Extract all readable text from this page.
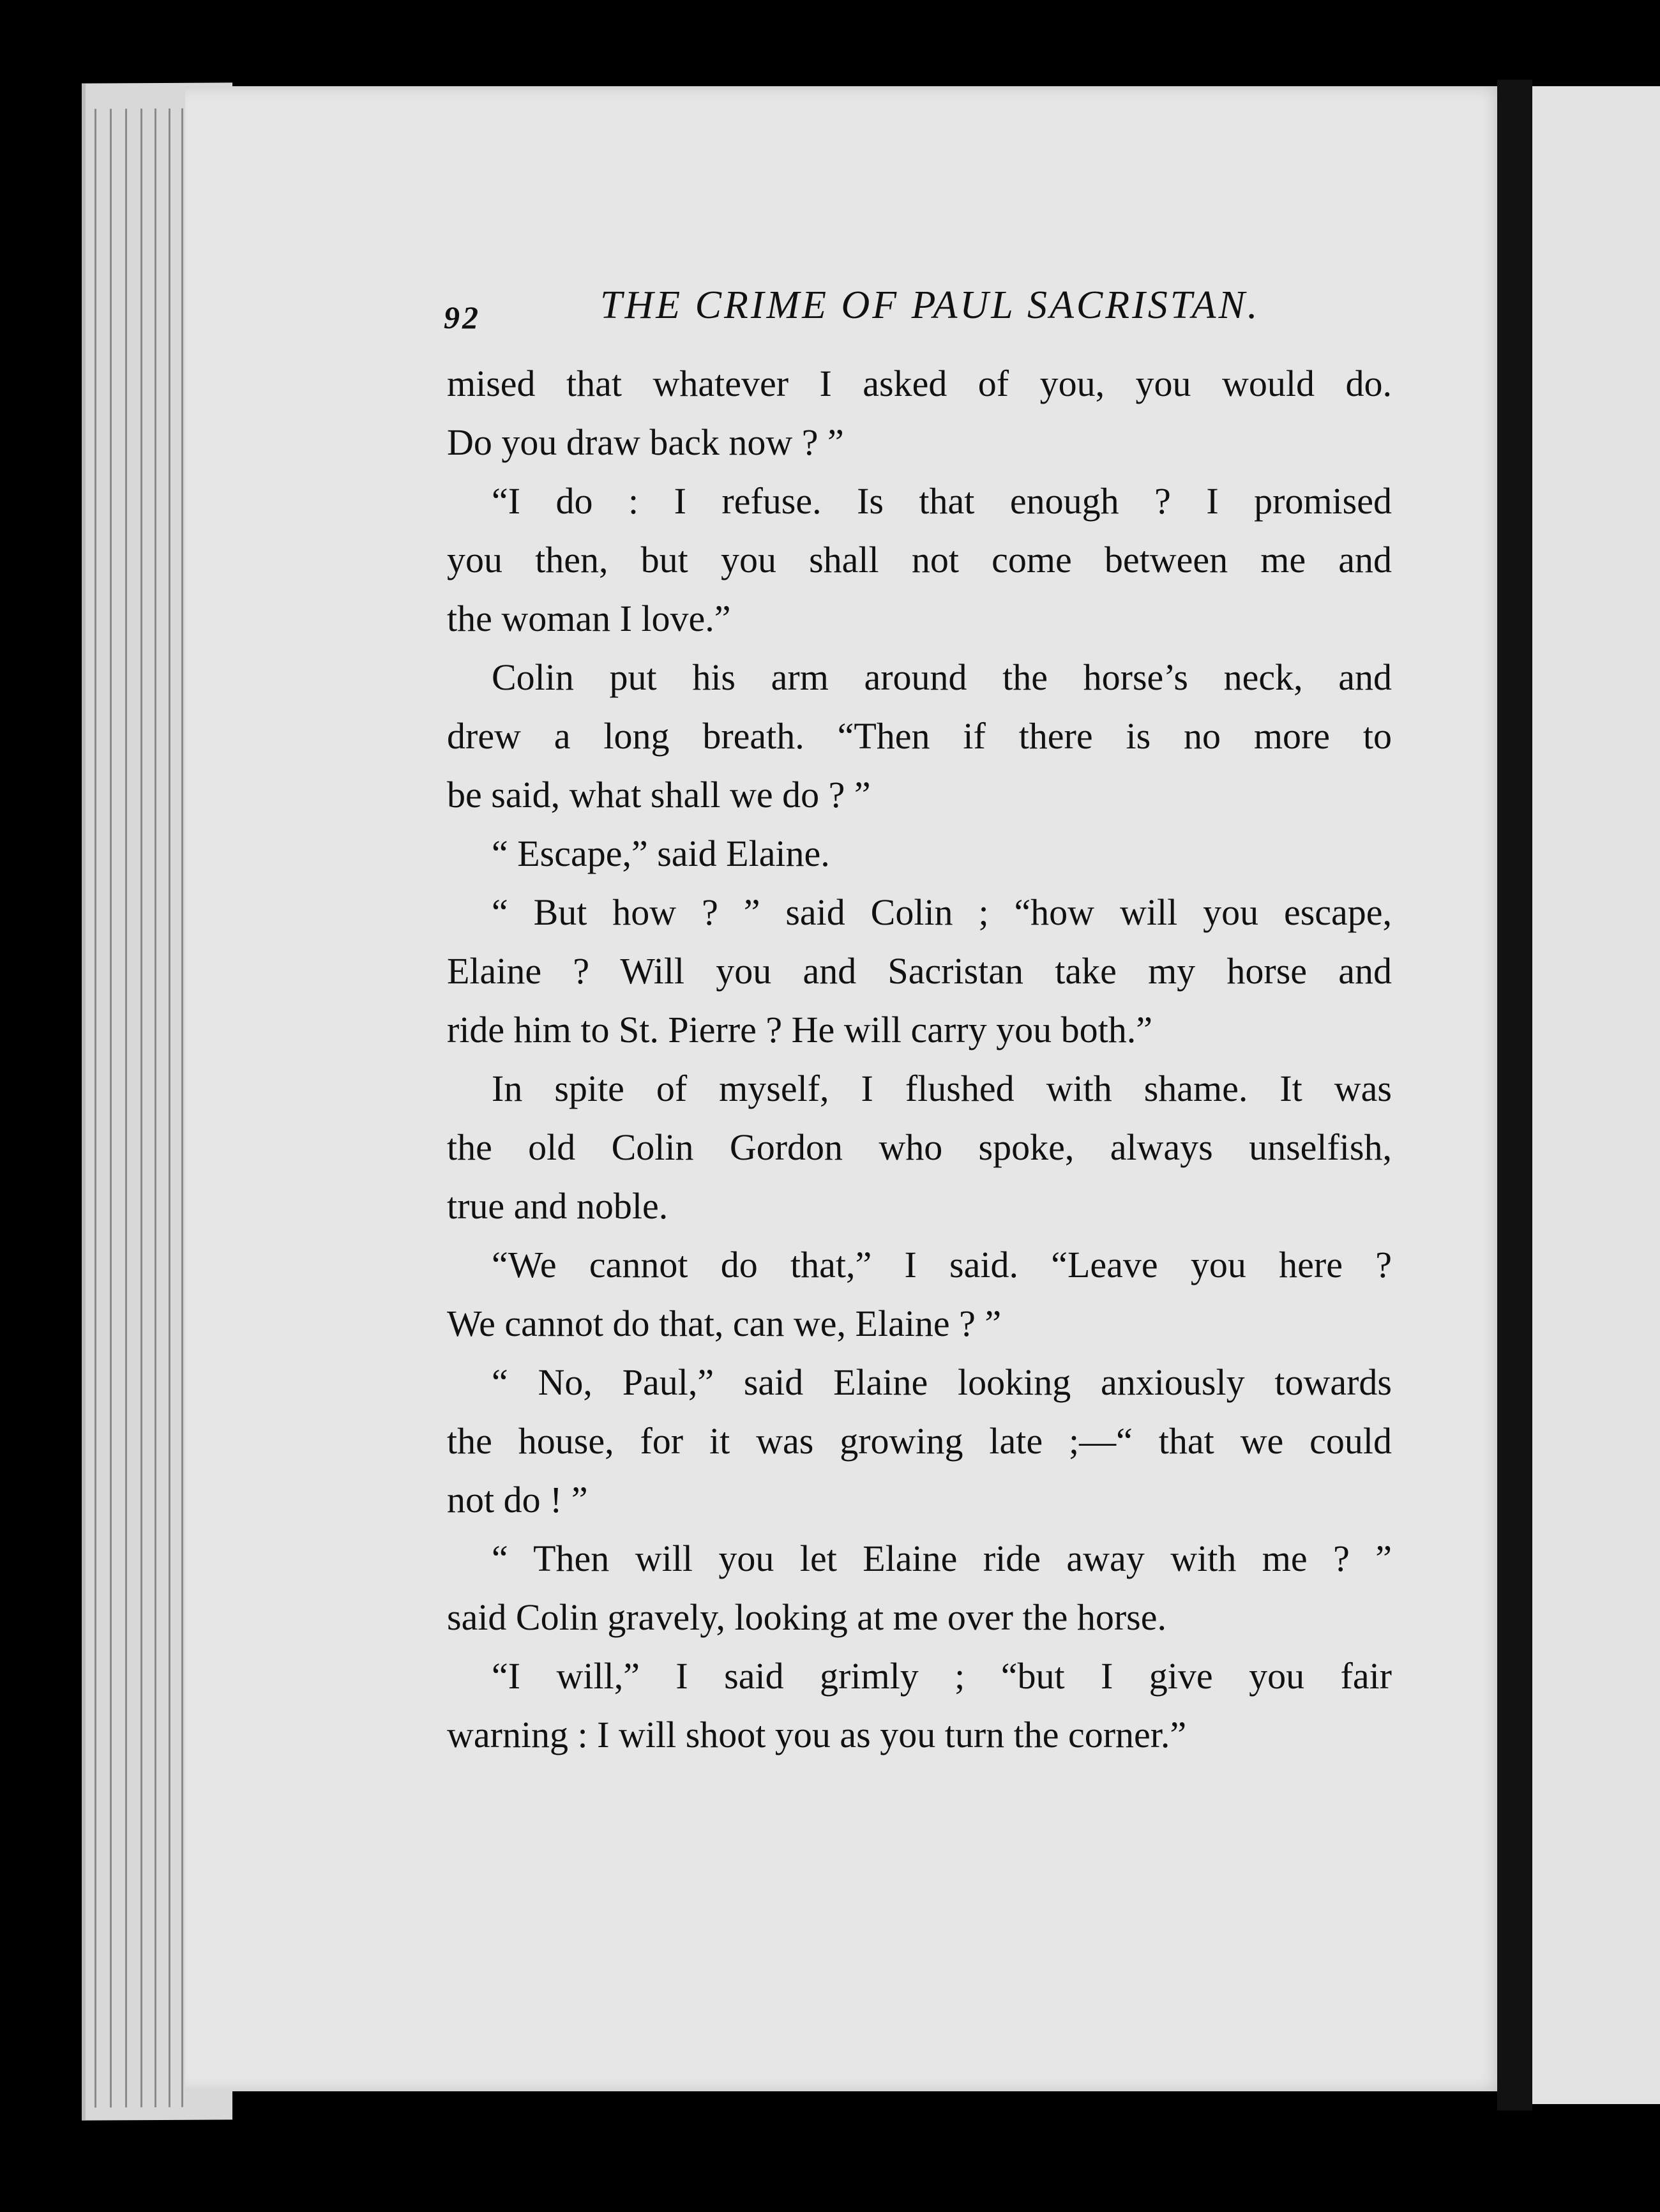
92	THE CRIME OF PAUL SACRISTAN.
mised that whatever I asked of you, you would do.
Do you draw back now ? ”
“I do : I refuse. Is that enough ? I promised
you then, but you shall not come between me and
the woman I love.”
Colin put his arm around the horse’s neck, and
drew a long breath. “Then if there is no more to
be said, what shall we do ? ”
“ Escape,” said Elaine.
“ But how ? ” said Colin ; “how will you escape,
Elaine ? Will you and Sacristan take my horse and
ride him to St. Pierre ? He will carry you both.”
In spite of myself, I flushed with shame. It was
the old Colin Gordon who spoke, always unselfish,
true and noble.
“We cannot do that,” I said. “Leave you here ?
We cannot do that, can we, Elaine ? ”
“ No, Paul,” said Elaine looking anxiously towards
the house, for it was growing late ;—“ that we could
not do ! ”
“ Then will you let Elaine ride away with me ? ”
said Colin gravely, looking at me over the horse.
“I will,” I said grimly ; “but I give you fair
warning : I will shoot you as you turn the corner.”
